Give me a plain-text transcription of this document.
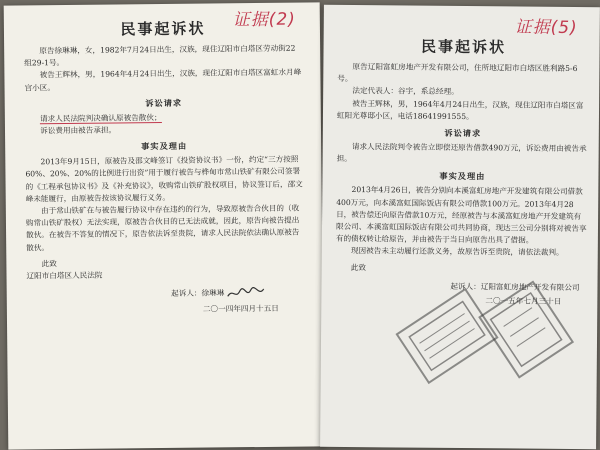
证据(2)
民事起诉状

原告徐琳琳，女，1982年7月24日出生，汉族，现住辽阳市白塔区劳动街22组29-1号。

被告王辉林，男，1964年4月24日出生，汉族，现住辽阳市白塔区富虹水月峰宫小区。

诉讼请求

请求人民法院判决确认原被告散伙；

诉讼费用由被告承担。

事实及理由

2013年9月15日，原被告及邵文峰签订《投资协议书》一份，约定“三方按照60%、20%、20%的比例进行出资”用于履行被告与桦甸市常山铁矿有限公司签署的《工程承包协议书》及《补充协议》，收购常山铁矿股权项目，协议签订后，邵文峰未能履行，由原被告按该协议履行义务。

由于常山铁矿在与被告履行协议中存在违约的行为，导致原被告合伙目的（收购常山铁矿股权）无法实现，原被告合伙目的已无法成就，因此，原告向被告提出散伙。在被告不答复的情况下，原告依法诉至贵院，请求人民法院依法确认原被告散伙。

此致

辽阳市白塔区人民法院

起诉人：徐琳琳

二〇一四年四月十五日

证据(5)
民事起诉状

原告辽阳富虹房地产开发有限公司，住所地辽阳市白塔区胜利路5-6号。

法定代表人：谷宇，系总经理。

被告王辉林，男，1964年4月24日出生，汉族，现住辽阳市白塔区富虹阳光尊邸小区，电话18641991555。

诉讼请求

请求人民法院判令被告立即偿还原告借款490万元，诉讼费用由被告承担。

事实及理由

2013年4月26日，被告分别向本溪富虹房地产开发建筑有限公司借款400万元，向本溪富虹国际饭店有限公司借款100万元。2013年4月28日，被告偿还向原告借款10万元，经原被告与本溪富虹房地产开发建筑有限公司、本溪富虹国际饭店有限公司共同协商，现达三公司分别将对被告享有的债权转让给原告，并由被告于当日向原告出具了借据。

现因被告未主动履行还款义务，故原告诉至贵院，请依法裁判。

此致

起诉人：辽阳富虹房地产开发有限公司

二〇一五年七月三十日
